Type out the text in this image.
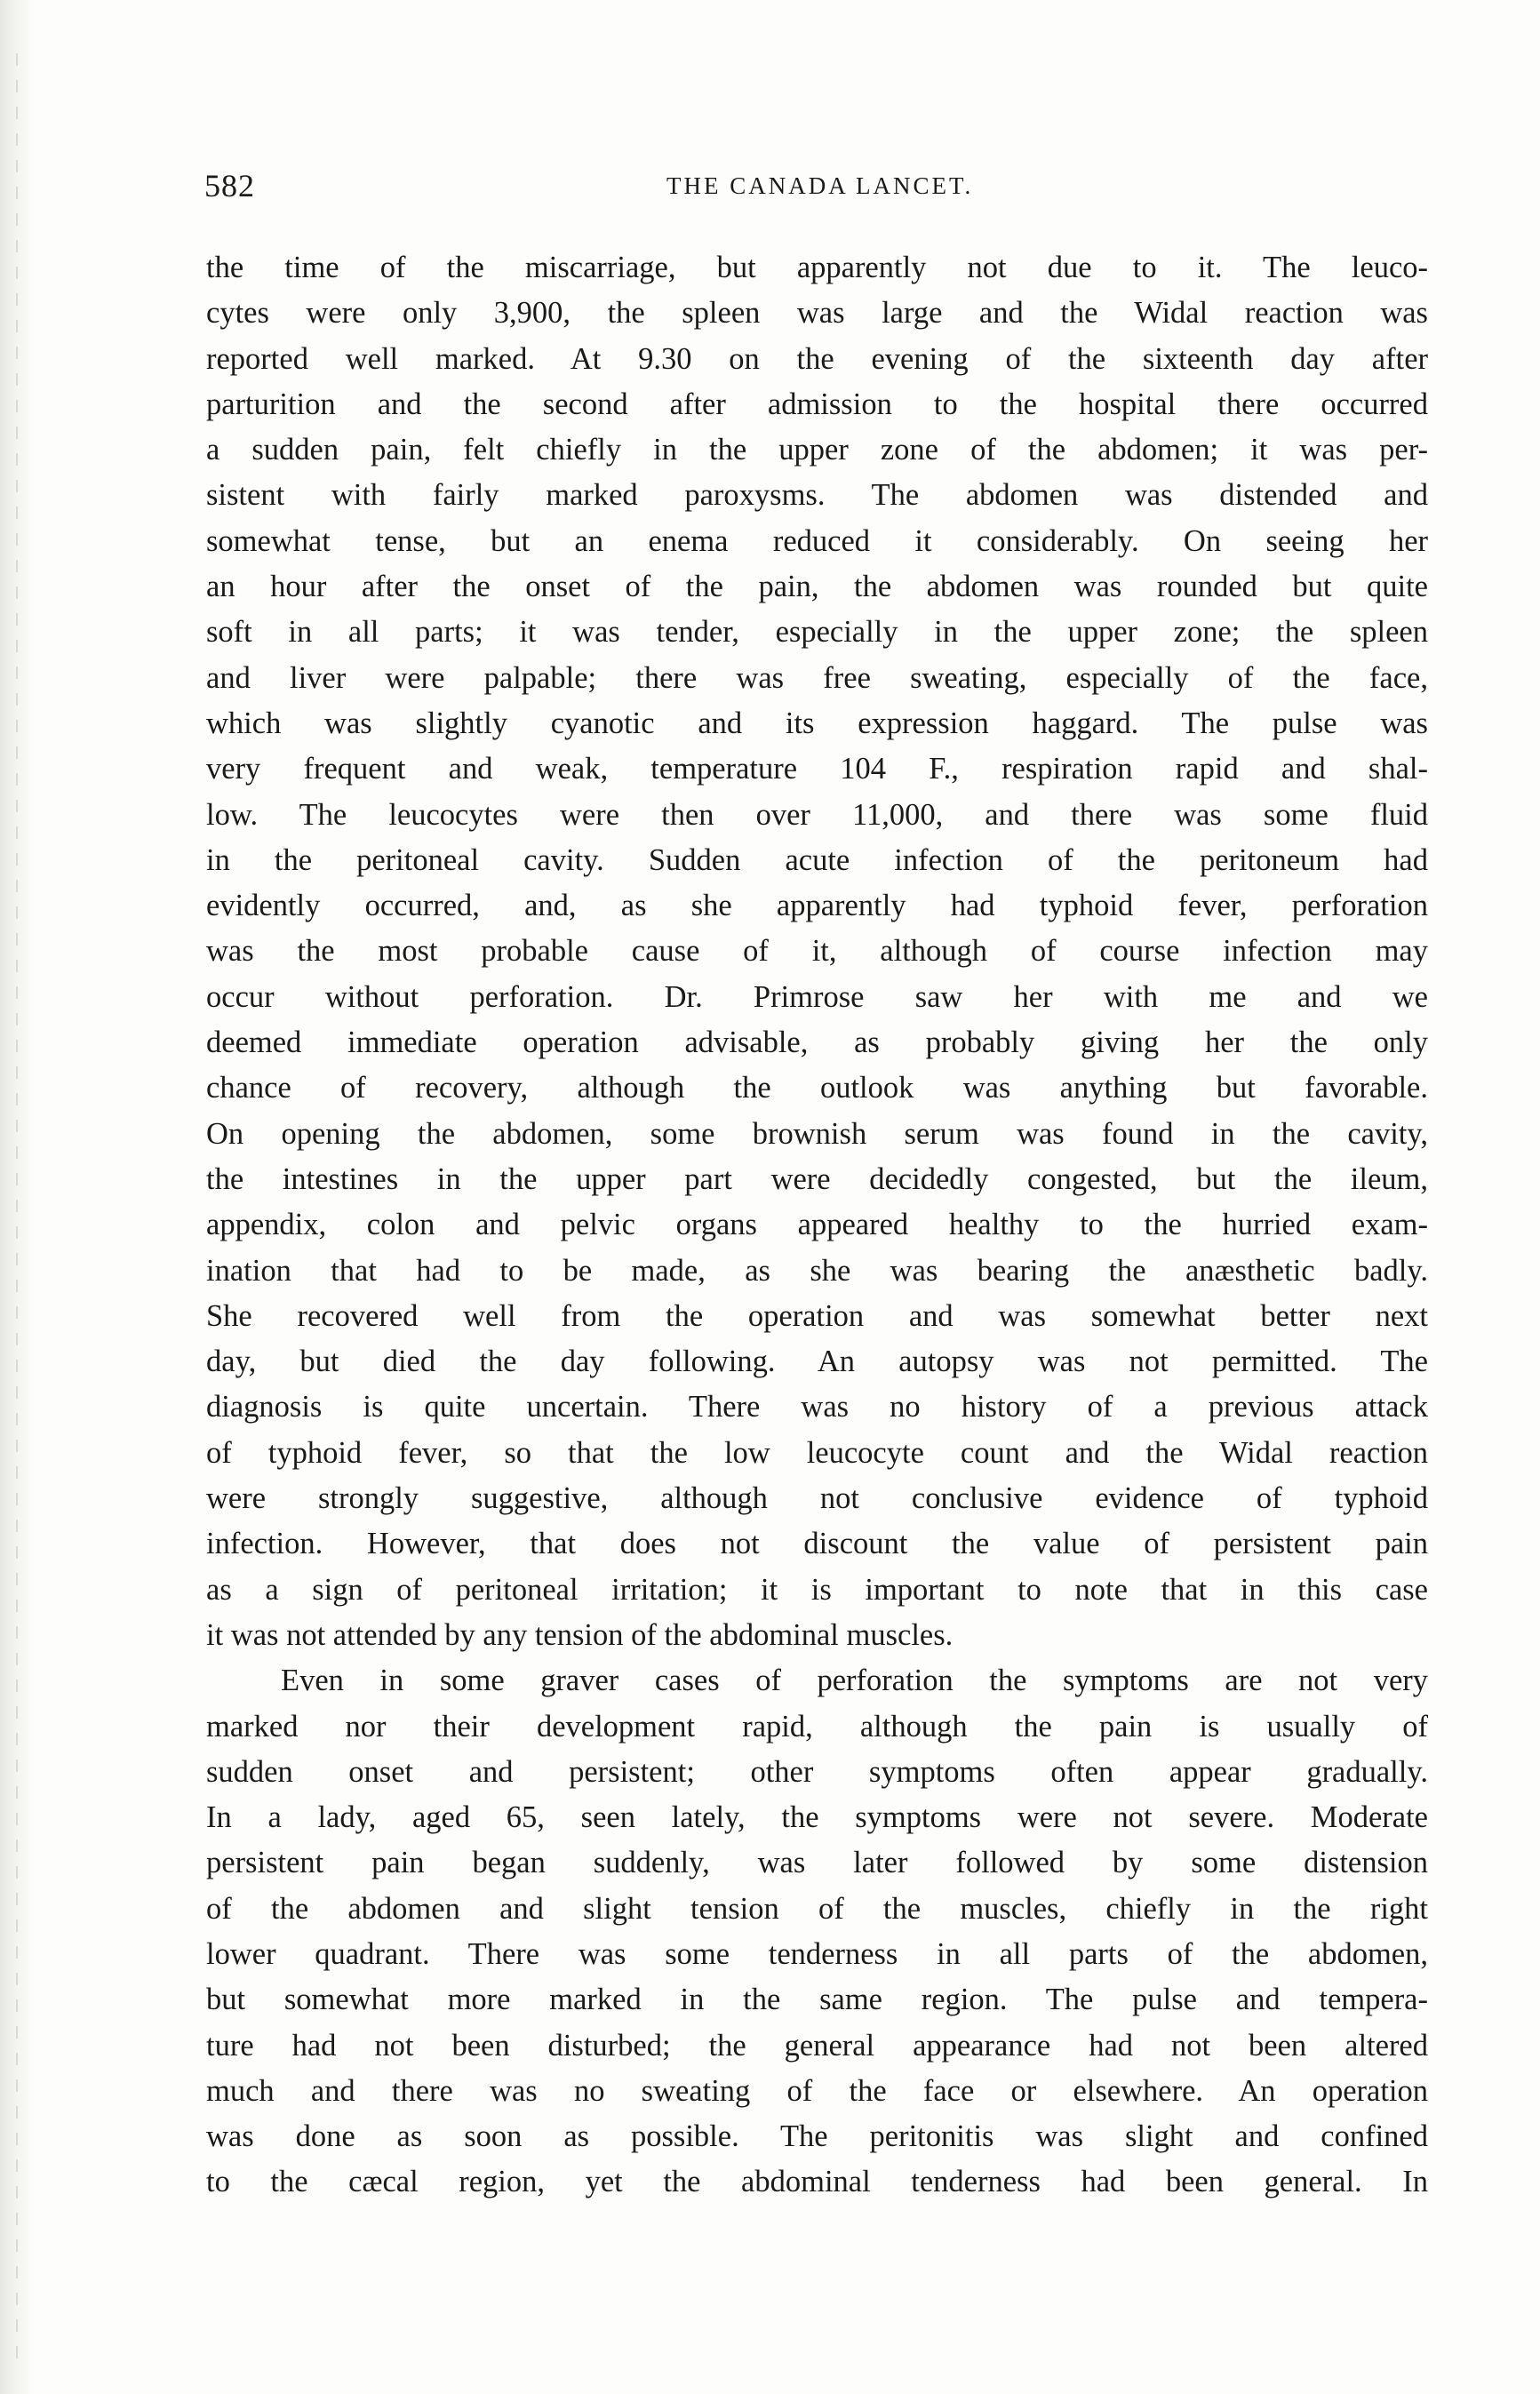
582	THE CANADA LANCET.
the time of the miscarriage, but apparently not due to it. The leuco-
cytes were only 3,900, the spleen was large and the Widal reaction was
reported well marked. At 9.30 on the evening of the sixteenth day after
parturition and the second after admission to the hospital there occurred
a sudden pain, felt chiefly in the upper zone of the abdomen; it was per-
sistent with fairly marked paroxysms. The abdomen was distended and
somewhat tense, but an enema reduced it considerably. On seeing her
an hour after the onset of the pain, the abdomen was rounded but quite
soft in all parts; it was tender, especially in the upper zone; the spleen
and liver were palpable; there was free sweating, especially of the face,
which was slightly cyanotic and its expression haggard. The pulse was
very frequent and weak, temperature 104 F., respiration rapid and shal-
low. The leucocytes were then over 11,000, and there was some fluid
in the peritoneal cavity. Sudden acute infection of the peritoneum had
evidently occurred, and, as she apparently had typhoid fever, perforation
was the most probable cause of it, although of course infection may
occur without perforation. Dr. Primrose saw her with me and we
deemed immediate operation advisable, as probably giving her the only
chance of recovery, although the outlook was anything but favorable.
On opening the abdomen, some brownish serum was found in the cavity,
the intestines in the upper part were decidedly congested, but the ileum,
appendix, colon and pelvic organs appeared healthy to the hurried exam-
ination that had to be made, as she was bearing the anæsthetic badly.
She recovered well from the operation and was somewhat better next
day, but died the day following. An autopsy was not permitted. The
diagnosis is quite uncertain. There was no history of a previous attack
of typhoid fever, so that the low leucocyte count and the Widal reaction
were strongly suggestive, although not conclusive evidence of typhoid
infection. However, that does not discount the value of persistent pain
as a sign of peritoneal irritation; it is important to note that in this case
it was not attended by any tension of the abdominal muscles.
Even in some graver cases of perforation the symptoms are not very
marked nor their development rapid, although the pain is usually of
sudden onset and persistent; other symptoms often appear gradually.
In a lady, aged 65, seen lately, the symptoms were not severe. Moderate
persistent pain began suddenly, was later followed by some distension
of the abdomen and slight tension of the muscles, chiefly in the right
lower quadrant. There was some tenderness in all parts of the abdomen,
but somewhat more marked in the same region. The pulse and tempera-
ture had not been disturbed; the general appearance had not been altered
much and there was no sweating of the face or elsewhere. An operation
was done as soon as possible. The peritonitis was slight and confined
to the cæcal region, yet the abdominal tenderness had been general. In
